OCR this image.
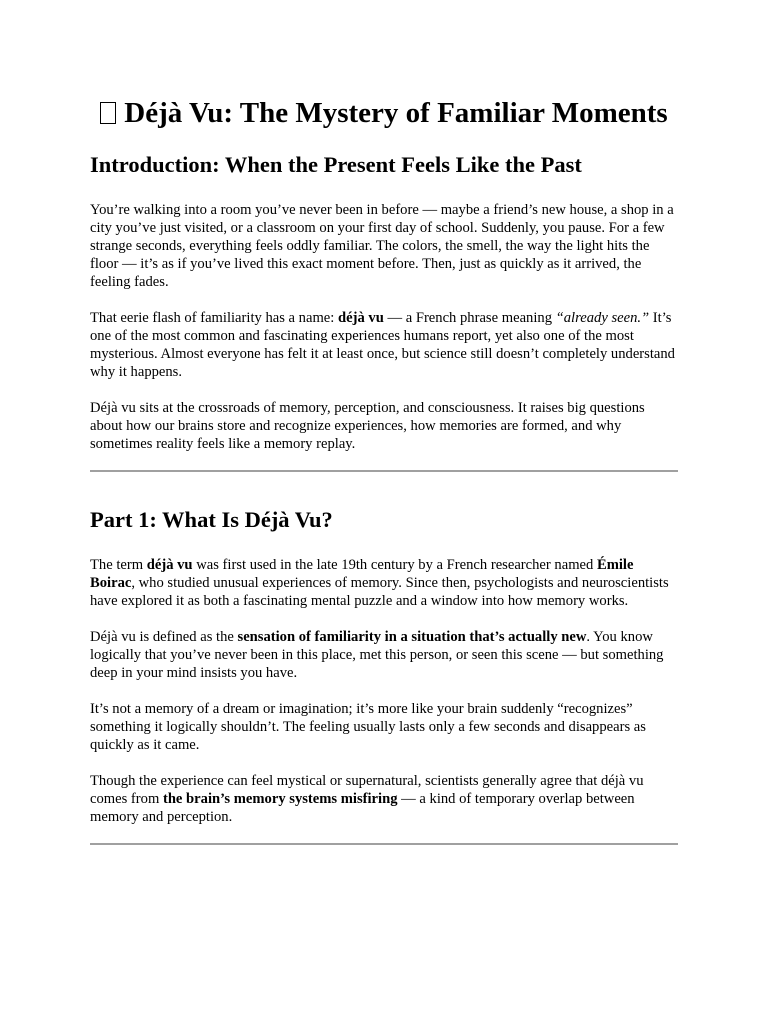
Déjà Vu: The Mystery of Familiar Moments
Introduction: When the Present Feels Like the Past

You’re walking into a room you’ve never been in before — maybe a friend’s new house, a shop in a city you’ve just visited, or a classroom on your first day of school. Suddenly, you pause. For a few strange seconds, everything feels oddly familiar. The colors, the smell, the way the light hits the floor — it’s as if you’ve lived this exact moment before. Then, just as quickly as it arrived, the feeling fades.

That eerie flash of familiarity has a name: déjà vu — a French phrase meaning “already seen.” It’s one of the most common and fascinating experiences humans report, yet also one of the most mysterious. Almost everyone has felt it at least once, but science still doesn’t completely understand why it happens.

Déjà vu sits at the crossroads of memory, perception, and consciousness. It raises big questions about how our brains store and recognize experiences, how memories are formed, and why sometimes reality feels like a memory replay.

Part 1: What Is Déjà Vu?

The term déjà vu was first used in the late 19th century by a French researcher named Émile Boirac, who studied unusual experiences of memory. Since then, psychologists and neuroscientists have explored it as both a fascinating mental puzzle and a window into how memory works.

Déjà vu is defined as the sensation of familiarity in a situation that’s actually new. You know logically that you’ve never been in this place, met this person, or seen this scene — but something deep in your mind insists you have.

It’s not a memory of a dream or imagination; it’s more like your brain suddenly “recognizes” something it logically shouldn’t. The feeling usually lasts only a few seconds and disappears as quickly as it came.

Though the experience can feel mystical or supernatural, scientists generally agree that déjà vu comes from the brain’s memory systems misfiring — a kind of temporary overlap between memory and perception.
